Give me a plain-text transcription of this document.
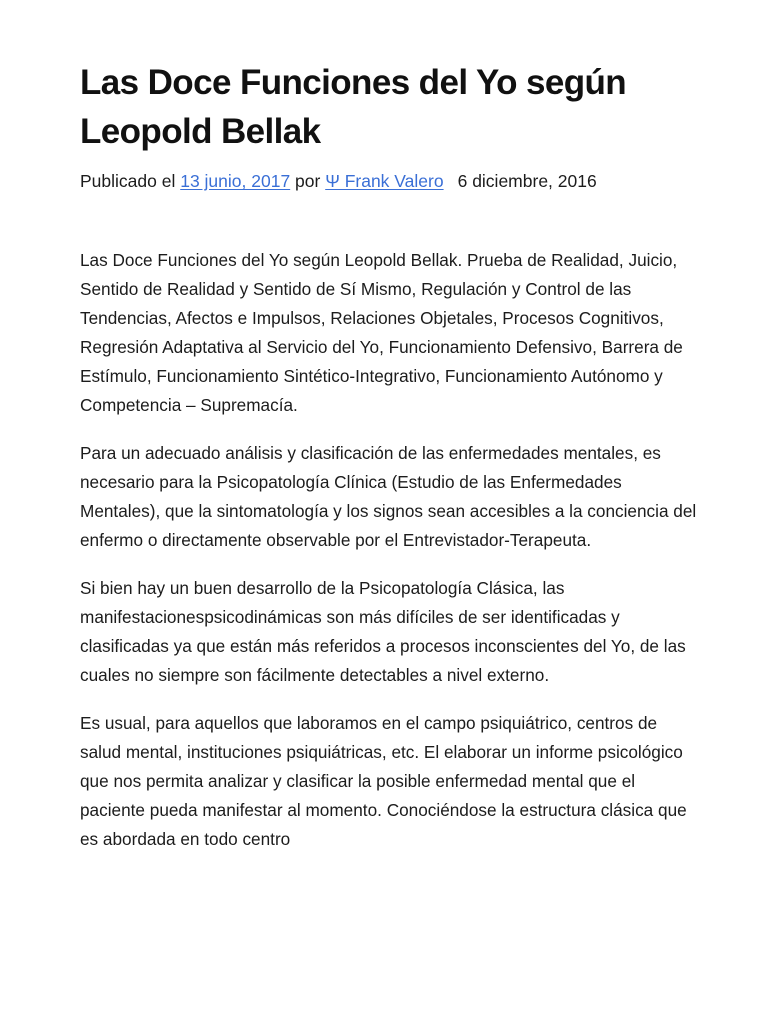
Las Doce Funciones del Yo según Leopold Bellak
Publicado el 13 junio, 2017 por Ψ Frank Valero 6 diciembre, 2016

Las Doce Funciones del Yo según Leopold Bellak. Prueba de Realidad, Juicio, Sentido de Realidad y Sentido de Sí Mismo, Regulación y Control de las Tendencias, Afectos e Impulsos, Relaciones Objetales, Procesos Cognitivos, Regresión Adaptativa al Servicio del Yo, Funcionamiento Defensivo, Barrera de Estímulo, Funcionamiento Sintético-Integrativo, Funcionamiento Autónomo y Competencia – Supremacía.

Para un adecuado análisis y clasificación de las enfermedades mentales, es necesario para la Psicopatología Clínica (Estudio de las Enfermedades Mentales), que la sintomatología y los signos sean accesibles a la conciencia del enfermo o directamente observable por el Entrevistador-Terapeuta.

Si bien hay un buen desarrollo de la Psicopatología Clásica, las manifestacionespsicodinámicas son más difíciles de ser identificadas y clasificadas ya que están más referidos a procesos inconscientes del Yo, de las cuales no siempre son fácilmente detectables a nivel externo.

Es usual, para aquellos que laboramos en el campo psiquiátrico, centros de salud mental, instituciones psiquiátricas, etc. El elaborar un informe psicológico que nos permita analizar y clasificar la posible enfermedad mental que el paciente pueda manifestar al momento. Conociéndose la estructura clásica que es abordada en todo centro
